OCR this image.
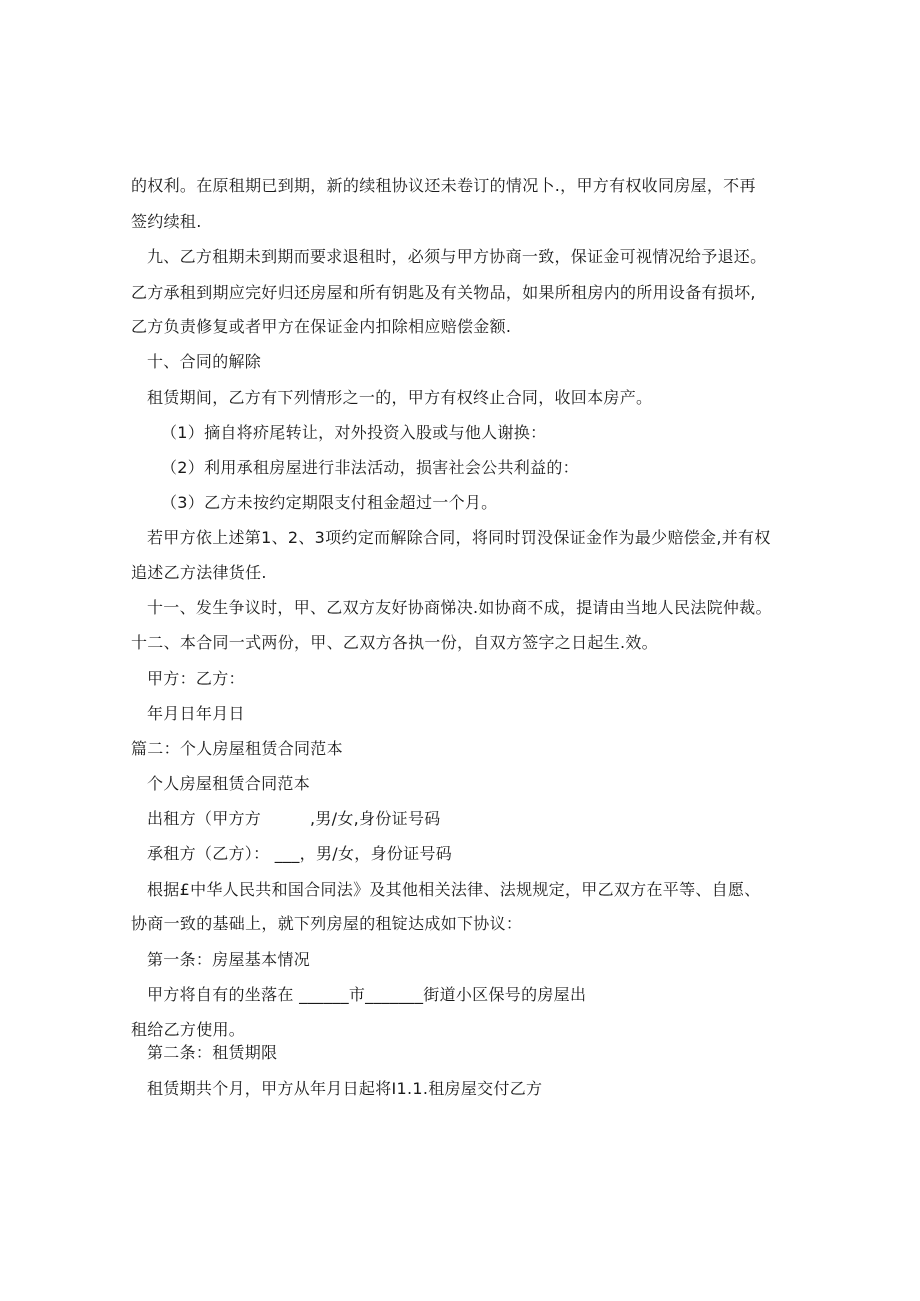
的权利。在原租期已到期，新的续租协议还未卷订的情况卜.，甲方有权收同房屋，不再
签约续租.
九、乙方租期未到期而要求退租时，必须与甲方协商一致，保证金可视情况给予退还。
乙方承租到期应完好归还房屋和所有钥匙及有关物品，如果所租房内的所用设备有损坏,
乙方负责修复或者甲方在保证金内扣除相应赔偿金额.
十、合同的解除
租赁期间，乙方有下列情形之一的，甲方有权终止合同，收回本房产。
（1）摘自将疥尾转让，对外投资入股或与他人谢换：
（2）利用承租房屋进行非法活动，损害社会公共利益的：
（3）乙方未按约定期限支付租金超过一个月。
若甲方依上述第1、2、3项约定而解除合同，将同时罚没保证金作为最少赔偿金,并有权
追述乙方法律货任.
十一、发生争议时，甲、乙双方友好协商悌决.如协商不成，提请由当地人民法院仲裁。
十二、本合同一式两份，甲、乙双方各执一份，自双方签字之日起生.效。
甲方：乙方：
年月日年月日
篇二：个人房屋租赁合同范本
个人房屋租赁合同范本
出租方（甲方方　　　,男/女,身份证号码
承租方（乙方）： ___，男/女，身份证号码
根据£中华人民共和国合同法》及其他相关法律、法规规定，甲乙双方在平等、自愿、
协商一致的基础上，就下列房屋的租锭达成如下协议：
第一条：房屋基本情况
甲方将自有的坐落在 ______市_______街道小区保号的房屋出
租给乙方使用。
第二条：租赁期限
租赁期共个月，甲方从年月日起将I1.1.租房屋交付乙方
